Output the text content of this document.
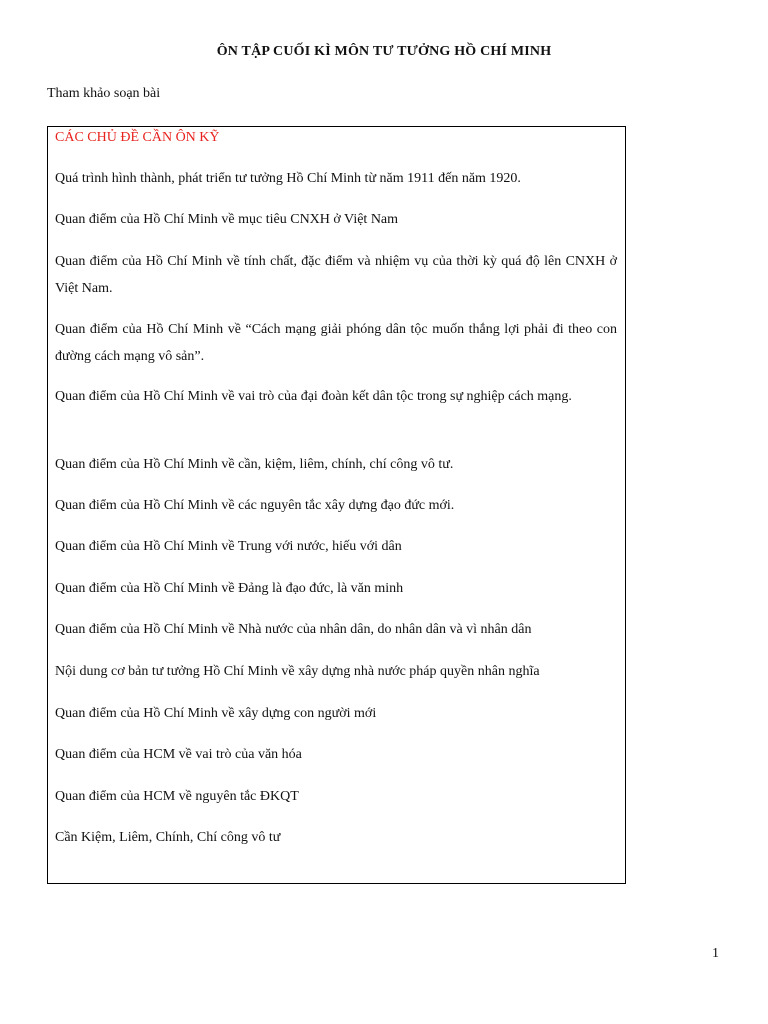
ÔN TẬP CUỐI KÌ MÔN TƯ TƯỞNG HỒ CHÍ MINH
Tham khảo soạn bài
CÁC CHỦ ĐỀ CẦN ÔN KỸ

Quá trình hình thành, phát triển tư tưởng Hồ Chí Minh từ năm 1911 đến năm 1920.

Quan điểm của Hồ Chí Minh về mục tiêu CNXH ở Việt Nam

Quan điểm của Hồ Chí Minh về tính chất, đặc điểm và nhiệm vụ của thời kỳ quá độ lên CNXH ở Việt Nam.

Quan điểm của Hồ Chí Minh về “Cách mạng giải phóng dân tộc muốn thắng lợi phải đi theo con đường cách mạng vô sản”.

Quan điểm của Hồ Chí Minh về vai trò của đại đoàn kết dân tộc trong sự nghiệp cách mạng.

Quan điểm của Hồ Chí Minh về cần, kiệm, liêm, chính, chí công vô tư.

Quan điểm của Hồ Chí Minh về các nguyên tắc xây dựng đạo đức mới.

Quan điểm của Hồ Chí Minh về Trung với nước, hiếu với dân

Quan điểm của Hồ Chí Minh về Đảng là đạo đức, là văn minh

Quan điểm của Hồ Chí Minh về Nhà nước của nhân dân, do nhân dân và vì nhân dân

Nội dung cơ bản tư tưởng Hồ Chí Minh về xây dựng nhà nước pháp quyền nhân nghĩa

Quan điểm của Hồ Chí Minh về xây dựng con người mới

Quan điểm của HCM về vai trò của văn hóa

Quan điểm của HCM về nguyên tắc ĐKQT

Cần Kiệm, Liêm, Chính, Chí công vô tư

1
